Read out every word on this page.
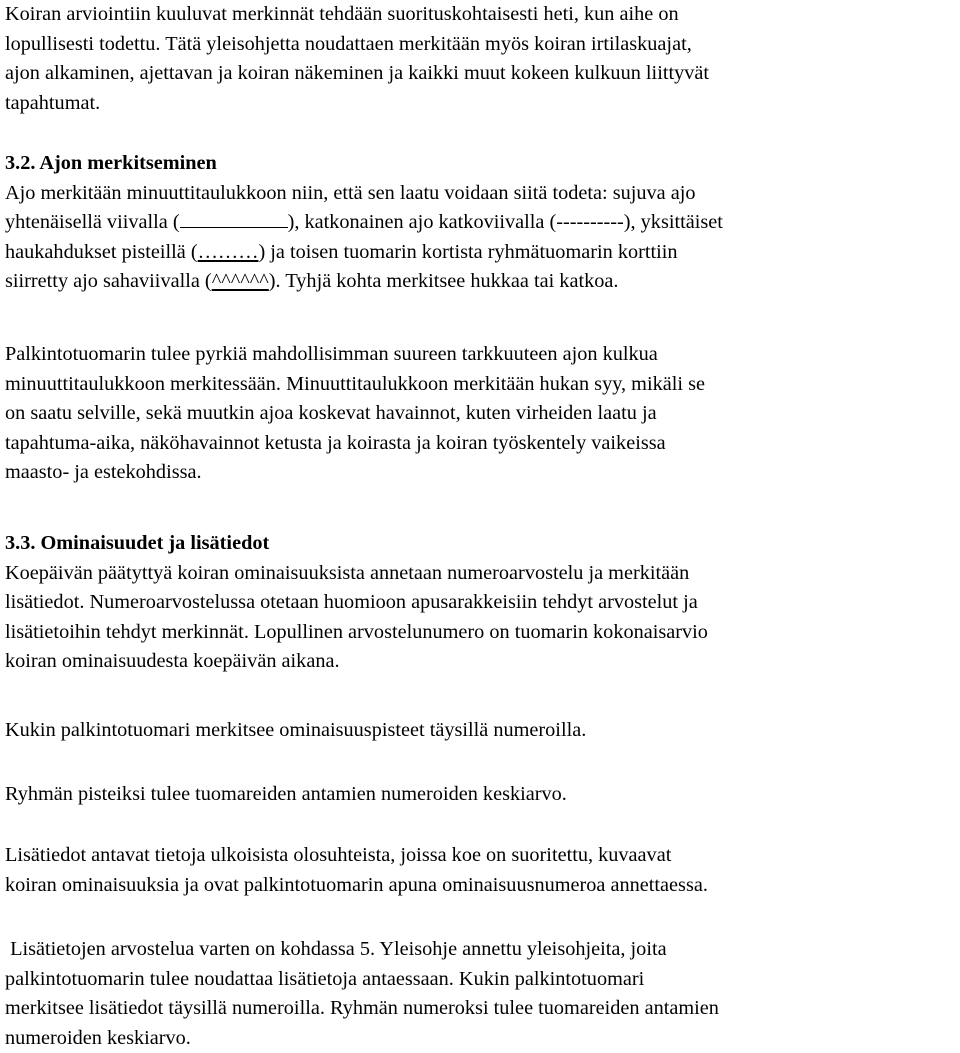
Koiran arviointiin kuuluvat merkinnät tehdään suorituskohtaisesti heti, kun aihe on
lopullisesti todettu. Tätä yleisohjetta noudattaen merkitään myös koiran irtilaskuajat,
ajon alkaminen, ajettavan ja koiran näkeminen ja kaikki muut kokeen kulkuun liittyvät
tapahtumat.
3.2. Ajon merkitseminen
Ajo merkitään minuuttitaulukkoon niin, että sen laatu voidaan siitä todeta: sujuva ajo
yhtenäisellä viivalla (	), katkonainen ajo katkoviivalla (----------), yksittäiset
haukahdukset pisteillä (………) ja toisen tuomarin kortista ryhmätuomarin korttiin
siirretty ajo sahaviivalla (^^^^^^). Tyhjä kohta merkitsee hukkaa tai katkoa.
Palkintotuomarin tulee pyrkiä mahdollisimman suureen tarkkuuteen ajon kulkua
minuuttitaulukkoon merkitessään. Minuuttitaulukkoon merkitään hukan syy, mikäli se
on saatu selville, sekä muutkin ajoa koskevat havainnot, kuten virheiden laatu ja
tapahtuma-aika, näköhavainnot ketusta ja koirasta ja koiran työskentely vaikeissa
maasto- ja estekohdissa.
3.3. Ominaisuudet ja lisätiedot
Koepäivän päätyttyä koiran ominaisuuksista annetaan numeroarvostelu ja merkitään
lisätiedot. Numeroarvostelussa otetaan huomioon apusarakkeisiin tehdyt arvostelut ja
lisätietoihin tehdyt merkinnät. Lopullinen arvostelunumero on tuomarin kokonaisarvio
koiran ominaisuudesta koepäivän aikana.
Kukin palkintotuomari merkitsee ominaisuuspisteet täysillä numeroilla.
Ryhmän pisteiksi tulee tuomareiden antamien numeroiden keskiarvo.
Lisätiedot antavat tietoja ulkoisista olosuhteista, joissa koe on suoritettu, kuvaavat
koiran ominaisuuksia ja ovat palkintotuomarin apuna ominaisuusnumeroa annettaessa.
Lisätietojen arvostelua varten on kohdassa 5. Yleisohje annettu yleisohjeita, joita
palkintotuomarin tulee noudattaa lisätietoja antaessaan. Kukin palkintotuomari
merkitsee lisätiedot täysillä numeroilla. Ryhmän numeroksi tulee tuomareiden antamien
numeroiden keskiarvo.
